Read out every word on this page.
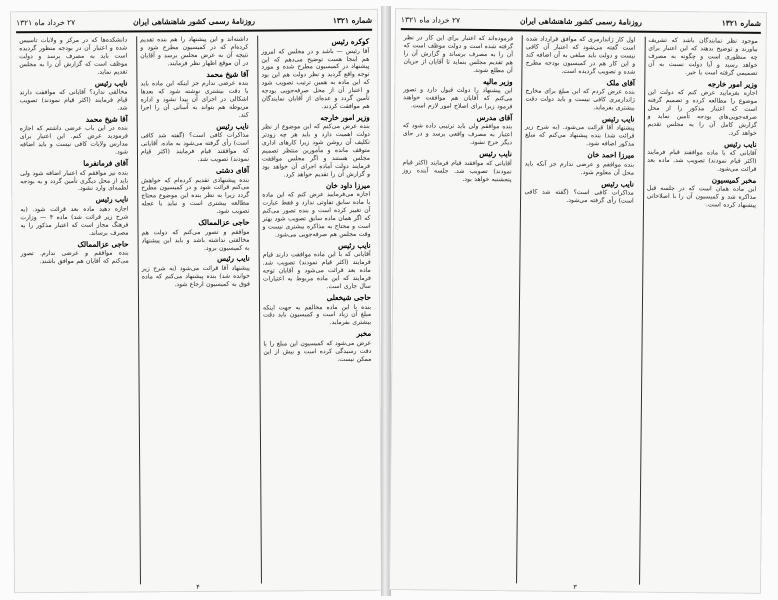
شماره ۱۳۲۱
روزنامهٔ رسمی کشور شاهنشاهی ایران
۲۷ خرداد ماه ۱۳۲۱
کوکره رئیس

آقا رئیس — باشد و در مجلس که امروز هم اینجا هست توضیح می‌دهم که این پیشنهاد در کمیسیون مطرح شده و مورد توجه واقع گردید و نظر دولت هم این بود که این ماده به همین ترتیب تصویب شود و اعتبار آن از محل صرفه‌جویی بودجه تأمین گردد و عده‌ای از آقایان نمایندگان هم موافقت کردند.

وزیر امور خارجه

بنده عرض می‌کنم که این موضوع از نظر دولت اهمیت دارد و باید هر چه زودتر تکلیف آن روشن شود زیرا کارهای اداری متوقف مانده و مأمورین منتظر تصمیم مجلس هستند و اگر مجلس موافقت فرمایند دولت آماده اجرای آن خواهد بود و گزارش آن را تقدیم خواهد کرد.

میرزا داود خان

اجازه می‌فرمایید عرض کنم که این ماده با ماده سابق تفاوتی ندارد و فقط عبارت آن تغییر کرده است و بنده تصور می‌کنم که اگر همان ماده سابق تصویب شود بهتر است و محتاج به مذاکره بیشتری نیست و وقت مجلس هم صرفه‌جویی می‌شود.

نایب رئیس

آقایانی که با این ماده موافقت دارند قیام فرمایند (اکثر قیام نمودند) تصویب شد. ماده بعد قرائت می‌شود و آقایان توجه فرمایند که این ماده مربوط به اعتبارات سال جاری است.

حاجی شیخعلی

بنده با این ماده مخالفم به جهت اینکه مبلغ آن زیاد است و کمیسیون باید دقت بیشتری بفرماید.

مخبر

عرض می‌شود که کمیسیون این مبلغ را با دقت رسیدگی کرده است و بیش از این ممکن نیست.

داشته‌اند و این پیشنهاد را هم بنده تقدیم کرده‌ام که در کمیسیون مطرح شود و نتیجه آن به عرض مجلس برسد و آقایان در آن موقع اظهار نظر فرمایند.

آقا شیخ محمد

بنده عرضی ندارم جز اینکه این ماده باید با دقت بیشتری نوشته شود که بعدها اشکالی در اجرای آن پیدا نشود و اداره مربوطه هم بتواند به آسانی آن را اجرا کند.

نایب رئیس

مذاکرات کافی است؟ (گفته شد کافی است) رأی گرفته می‌شود به ماده. آقایانی که موافقند قیام فرمایند (اکثر قیام نمودند) تصویب شد.

آقای دشتی

بنده پیشنهادی تقدیم کرده‌ام که خواهش می‌کنم قرائت شود و در کمیسیون مطرح گردد زیرا به نظر بنده این موضوع محتاج مطالعه بیشتری است و نباید با عجله تصویب شود.

حاجی عزالممالک

موافقم و تصور می‌کنم که دولت هم مخالفتی نداشته باشد و باید این پیشنهاد به کمیسیون برود.

نایب رئیس

پیشنهاد آقا قرائت می‌شود (به شرح زیر خوانده شد) بنده پیشنهاد می‌کنم که ماده فوق به کمیسیون ارجاع شود.

دانشکده‌ها که در مرکز و ولایات تأسیس شده و اعتبار آن در بودجه منظور گردیده است باید به مصرف برسد و دولت موظف است که گزارش آن را به مجلس تقدیم نماید.

نایب رئیس

مخالفی ندارد؟ آقایانی که موافقت دارند قیام فرمایند (اکثر قیام نمودند) تصویب شد.

آقا شیخ محمد

بنده در این باب عرضی داشتم که اجازه فرمودید عرض کنم. این اعتبار برای مدارس ولایات کافی نیست و باید اضافه شود.

آقای فرمانفرما

بنده نیز موافقم که اعتبار اضافه شود ولی باید از محل دیگری تأمین گردد و به بودجه لطمه‌ای وارد نشود.

نایب رئیس

اجازه دهید ماده بعد قرائت شود. (به شرح زیر قرائت شد) ماده ۴ — وزارت فرهنگ مجاز است که اعتبار مذکور را به مصرف برساند.

حاجی عزالممالک

بنده موافقم و عرضی ندارم. تصور می‌کنم که آقایان هم موافق باشند.

۴
شماره ۱۳۲۱
روزنامهٔ رسمی کشور شاهنشاهی ایران
۲۷ خرداد ماه ۱۳۲۱

موجود نظر نمایندگان باشد که تشریف بیاورند و توضیح بدهند که این اعتبار برای چه منظوری است و چگونه به مصرف خواهد رسید و آیا دولت نسبت به آن تصمیمی گرفته است یا خیر.

وزیر امور خارجه

اجازه بفرمایید عرض کنم که دولت این موضوع را مطالعه کرده و تصمیم گرفته است که اعتبار مذکور را از محل صرفه‌جویی‌های بودجه تأمین نماید و گزارش کامل آن را به مجلس تقدیم خواهد کرد.

نایب رئیس

آقایانی که با ماده موافقند قیام فرمایند (اکثر قیام نمودند) تصویب شد. ماده بعد قرائت می‌شود.

مخبر کمیسیون

این ماده همان است که در جلسه قبل مذاکره شد و کمیسیون آن را با اصلاحاتی پیشنهاد کرده است.

اول کار ژاندارمری که موافق قرارداد شده است گفته می‌شود که اعتبار آن کافی نیست و دولت باید مبلغی به آن اضافه کند و این کار هم در کمیسیون بودجه مطرح شده و تصویب گردیده است.

آقای ملک

بنده عرض کردم که این مبلغ برای مخارج ژاندارمری کافی نیست و باید دولت دقت بیشتری بفرماید.

نایب رئیس

پیشنهاد آقا قرائت می‌شود. (به شرح زیر قرائت شد) بنده پیشنهاد می‌کنم که مبلغ مذکور اضافه شود.

میرزا احمد خان

بنده موافقم و عرضی ندارم جز آنکه باید محل آن معلوم شود.

نایب رئیس

مذاکرات کافی است؟ (گفته شد کافی است) رأی گرفته می‌شود.

فرموده‌اند که اعتبار برای این کار در نظر گرفته شده است و دولت موظف است که آن را به مصرف برساند و گزارش آن را هم تقدیم مجلس بنماید تا آقایان از جریان آن مطلع شوند.

وزیر مالیه

این پیشنهاد را دولت قبول دارد و تصور می‌کنم که آقایان هم موافقت خواهند فرمود زیرا برای اصلاح امور لازم است.

آقای مدرس

بنده موافقم ولی باید ترتیبی داده شود که اعتبار به مصرف واقعی برسد و در جای دیگر خرج نشود.

نایب رئیس

آقایانی که موافقند قیام فرمایند (اکثر قیام نمودند) تصویب شد. جلسه آینده روز پنجشنبه خواهد بود.

۳
